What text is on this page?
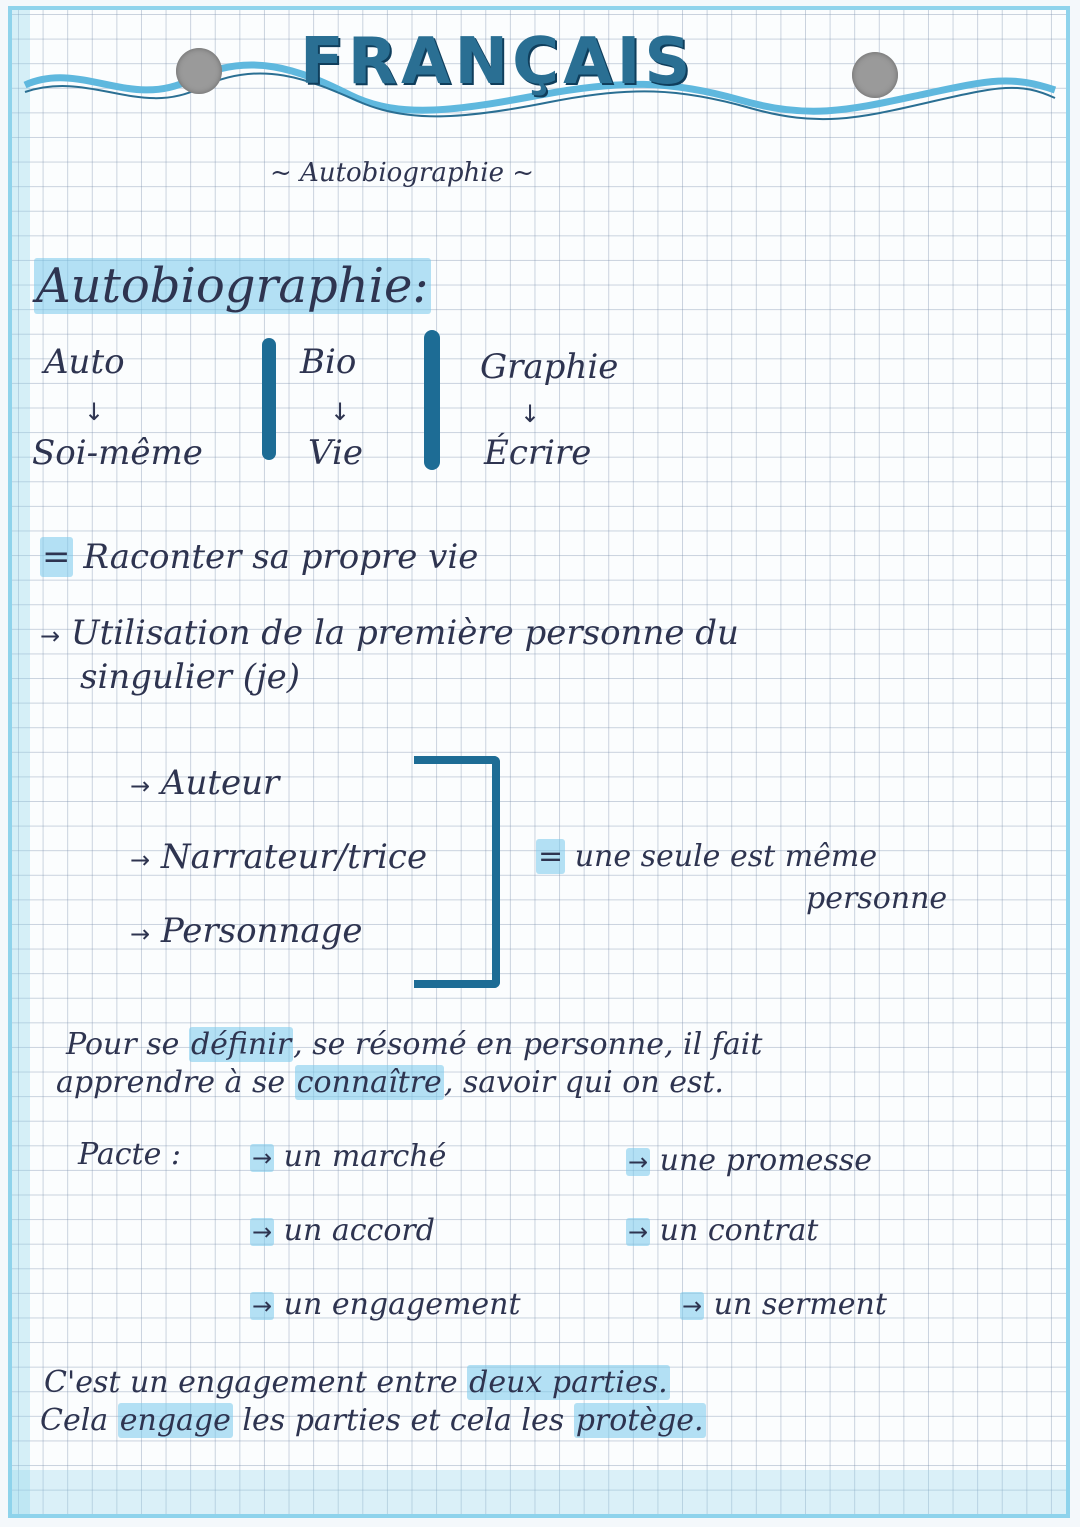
FRANÇAIS
~ Autobiographie ~
Autobiographie:
Auto
↓
Soi-même
Bio
↓
Vie
Graphie
↓
Écrire
= Raconter sa propre vie
→ Utilisation de la première personne du
singulier (je)
→ Auteur
→ Narrateur/trice
→ Personnage
= une seule est même
personne
Pour se définir, se résomé en personne, il fait
apprendre à se connaître, savoir qui on est.
Pacte :	→ un marché
→ un accord
→ un engagement
→ une promesse
→ un contrat
→ un serment
C'est un engagement entre deux parties.
Cela engage les parties et cela les protège.
